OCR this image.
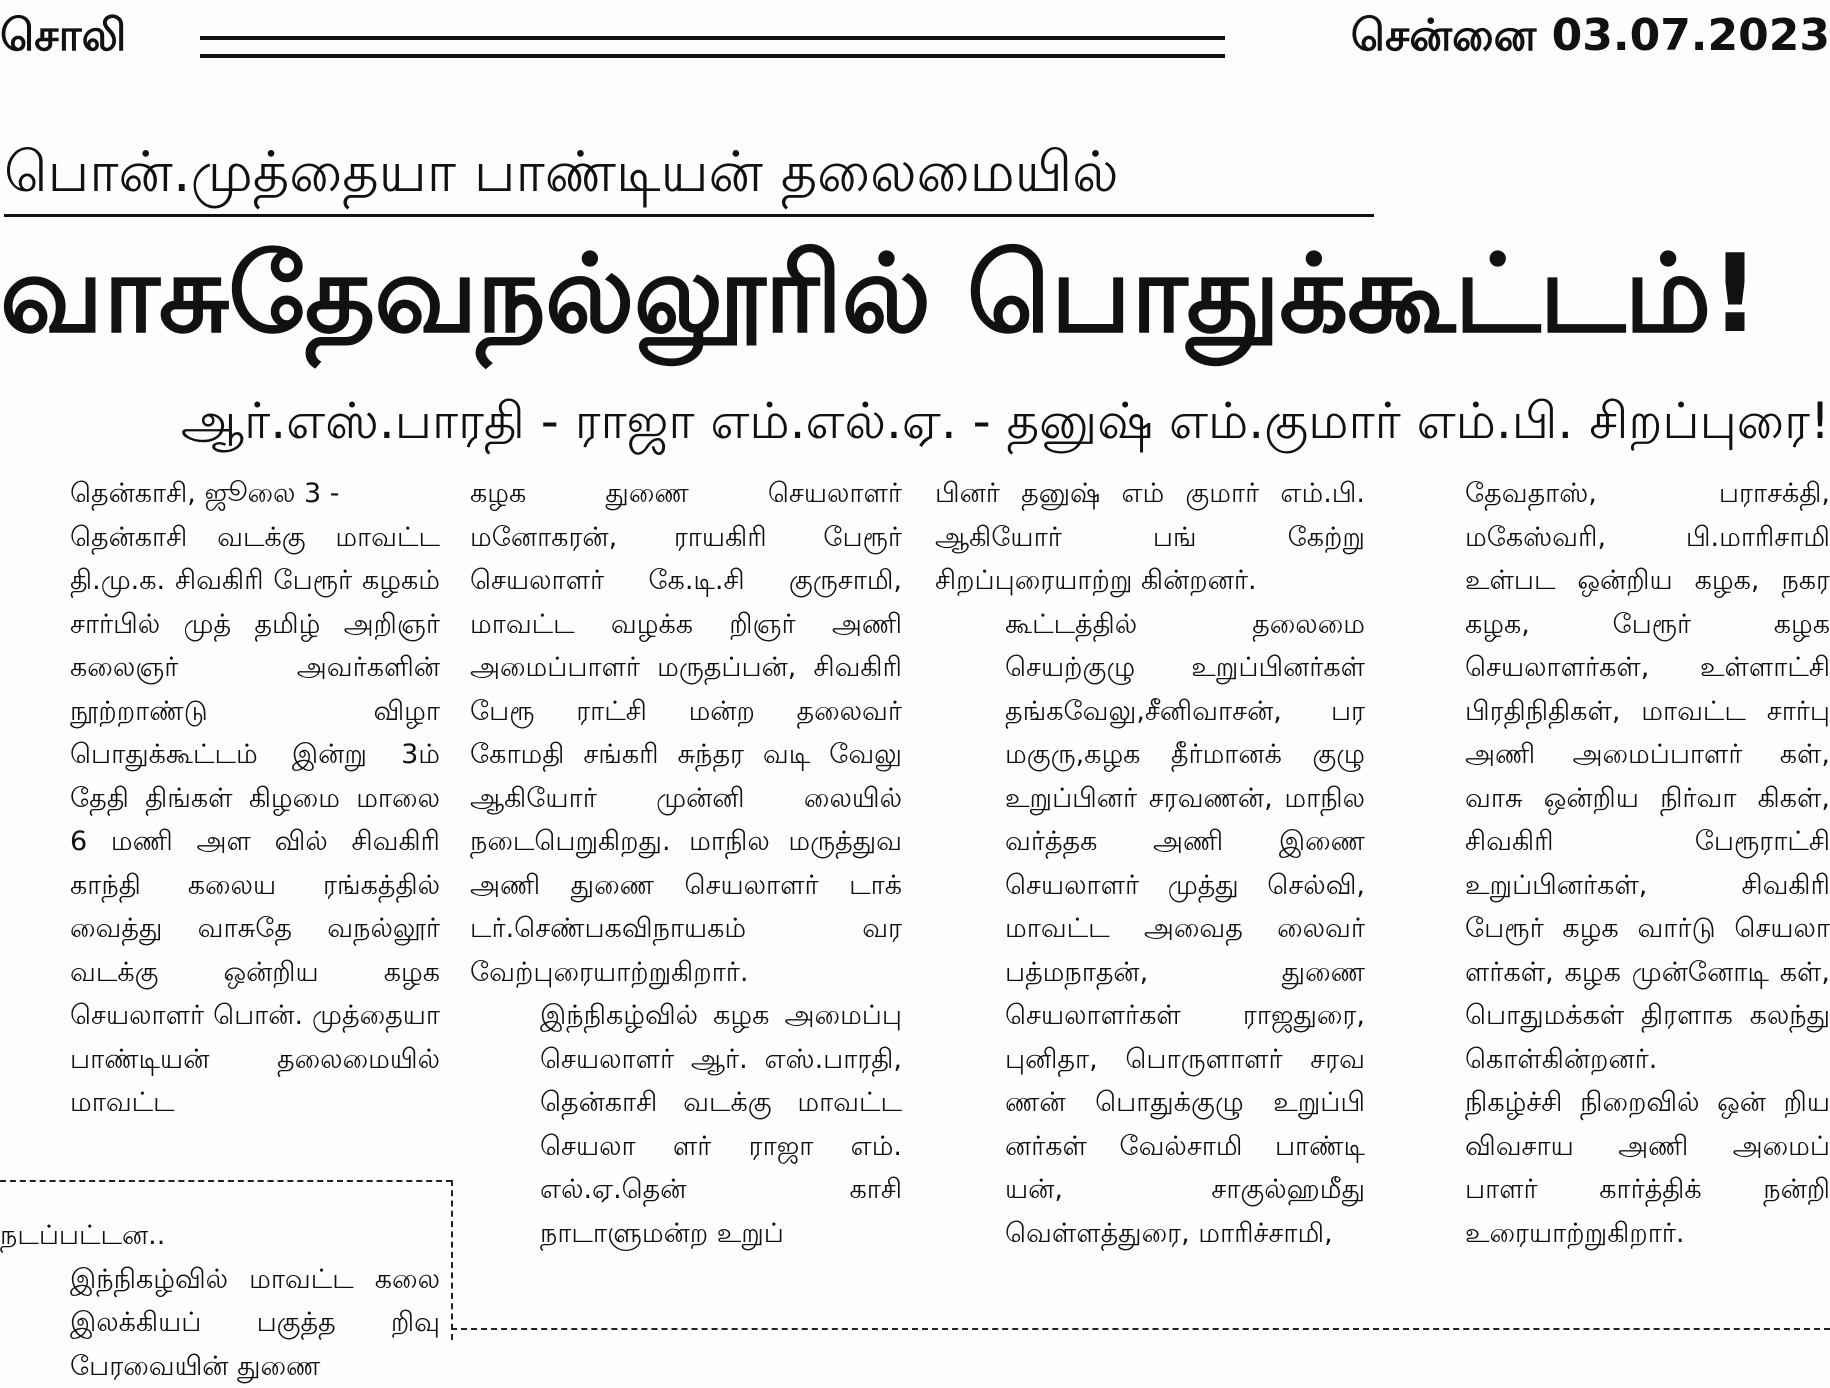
சொலி	சென்னை 03.07.2023
பொன்.முத்தையா பாண்டியன் தலைமையில்
வாசுதேவநல்லூரில் பொதுக்கூட்டம்!
ஆர்.எஸ்.பாரதி - ராஜா எம்.எல்.ஏ. - தனுஷ் எம்.குமார் எம்.பி. சிறப்புரை!

தென்காசி, ஜூலை 3 -

தென்காசி வடக்கு மாவட்ட தி.மு.க. சிவகிரி பேரூர் கழகம் சார்பில் முத் தமிழ் அறிஞர் கலைஞர் அவர்களின் நூற்றாண்டு விழா பொதுக்கூட்டம் இன்று 3ம் தேதி திங்கள் கிழமை மாலை 6 மணி அள வில் சிவகிரி காந்தி கலைய ரங்கத்தில் வைத்து வாசுதே வநல்லூர் வடக்கு ஒன்றிய கழக செயலாளர் பொன். முத்தையா பாண்டியன் தலைமையில் மாவட்ட

நடப்பட்டன..

இந்நிகழ்வில் மாவட்ட கலை இலக்கியப் பகுத்த றிவு பேரவையின் துணை

கழக துணை செயலாளர் மனோகரன், ராயகிரி பேரூர் செயலாளர் கே.டி.சி குருசாமி, மாவட்ட வழக்க றிஞர் அணி அமைப்பாளர் மருதப்பன், சிவகிரி பேரூ ராட்சி மன்ற தலைவர் கோமதி சங்கரி சுந்தர வடி வேலு ஆகியோர் முன்னி லையில் நடைபெறுகிறது. மாநில மருத்துவ அணி துணை செயலாளர் டாக் டர்.செண்பகவிநாயகம் வர வேற்புரையாற்றுகிறார்.

இந்நிகழ்வில் கழக அமைப்பு செயலாளர் ஆர். எஸ்.பாரதி, தென்காசி வடக்கு மாவட்ட செயலா ளர் ராஜா எம். எல்.ஏ.தென் காசி நாடாளுமன்ற உறுப்

பினர் தனுஷ் எம் குமார் எம்.பி. ஆகியோர் பங் கேற்று சிறப்புரையாற்று கின்றனர்.

கூட்டத்தில் தலைமை செயற்குழு உறுப்பினர்கள் தங்கவேலு,சீனிவாசன், பர மகுரு,கழக தீர்மானக் குழு உறுப்பினர் சரவணன், மாநில வர்த்தக அணி இணை செயலாளர் முத்து செல்வி, மாவட்ட அவைத லைவர் பத்மநாதன், துணை செயலாளர்கள் ராஜதுரை, புனிதா, பொருளாளர் சரவ ணன் பொதுக்குழு உறுப்பி னர்கள் வேல்சாமி பாண்டி யன், சாகுல்ஹமீது வெள்ளத்துரை, மாரிச்சாமி,

தேவதாஸ், பராசக்தி, மகேஸ்வரி, பி.மாரிசாமி உள்பட ஒன்றிய கழக, நகர கழக, பேரூர் கழக செயலாளர்கள், உள்ளாட்சி பிரதிநிதிகள், மாவட்ட சார்பு அணி அமைப்பாளர் கள், வாசு ஒன்றிய நிர்வா கிகள், சிவகிரி பேரூராட்சி உறுப்பினர்கள், சிவகிரி பேரூர் கழக வார்டு செயலா ளர்கள், கழக முன்னோடி கள், பொதுமக்கள் திரளாக கலந்து கொள்கின்றனர்.

நிகழ்ச்சி நிறைவில் ஒன் றிய விவசாய அணி அமைப் பாளர் கார்த்திக் நன்றி உரையாற்றுகிறார்.
